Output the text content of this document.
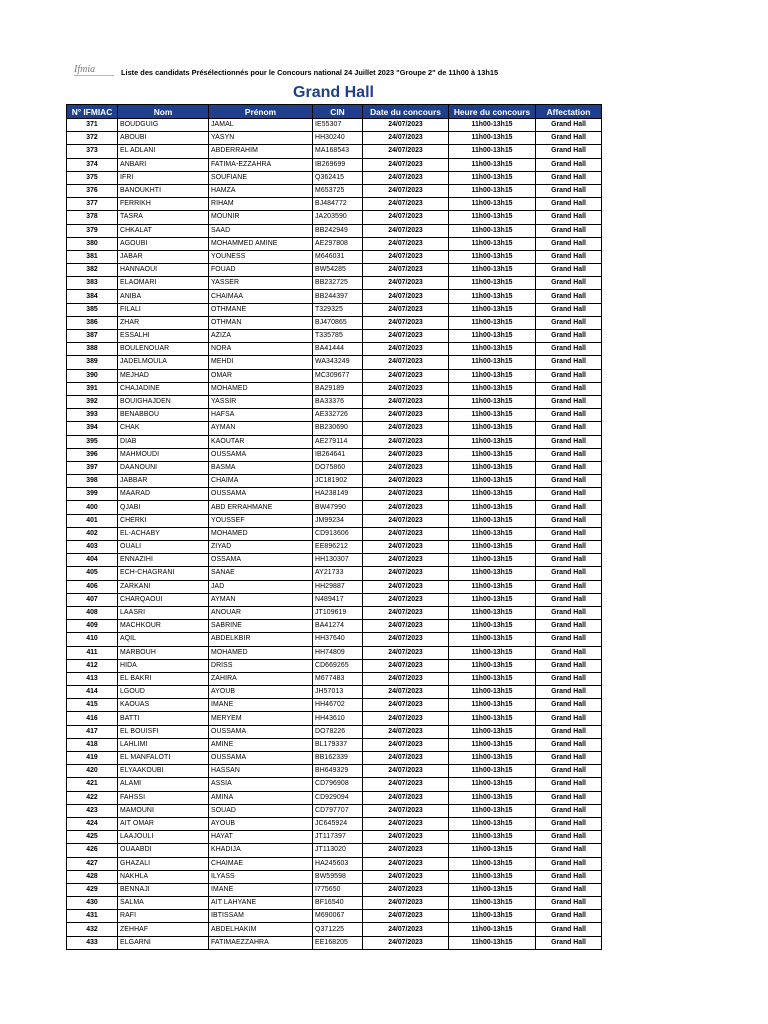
Ifmia	Liste des candidats Présélectionnés pour le Concours national 24 Juillet 2023 "Groupe 2" de 11h00 à 13h15
Grand Hall
N° IFMIAC	Nom	Prénom	CIN	Date du concours	Heure du concours	Affectation
371	BOUDGUIG	JAMAL	IE55307	24/07/2023	11h00-13h15	Grand Hall
372	ABOUBI	YASYN	HH30240	24/07/2023	11h00-13h15	Grand Hall
373	EL ADLANI	ABDERRAHIM	MA168543	24/07/2023	11h00-13h15	Grand Hall
374	ANBARI	FATIMA-EZZAHRA	IB269699	24/07/2023	11h00-13h15	Grand Hall
375	IFRI	SOUFIANE	Q362415	24/07/2023	11h00-13h15	Grand Hall
376	BANOUKHTI	HAMZA	M653725	24/07/2023	11h00-13h15	Grand Hall
377	FERRIKH	RIHAM	BJ484772	24/07/2023	11h00-13h15	Grand Hall
378	TASRA	MOUNIR	JA203590	24/07/2023	11h00-13h15	Grand Hall
379	CHKALAT	SAAD	BB242949	24/07/2023	11h00-13h15	Grand Hall
380	AGOUBI	MOHAMMED AMINE	AE297808	24/07/2023	11h00-13h15	Grand Hall
381	JABAR	YOUNESS	M646031	24/07/2023	11h00-13h15	Grand Hall
382	HANNAOUI	FOUAD	BW54285	24/07/2023	11h00-13h15	Grand Hall
383	ELAOMARI	YASSER	BB232725	24/07/2023	11h00-13h15	Grand Hall
384	ANIBA	CHAIMAA	BB244397	24/07/2023	11h00-13h15	Grand Hall
385	FILALI	OTHMANE	T329325	24/07/2023	11h00-13h15	Grand Hall
386	ZHAR	OTHMAN	BJ470865	24/07/2023	11h00-13h15	Grand Hall
387	ESSALHI	AZIZA	T335785	24/07/2023	11h00-13h15	Grand Hall
388	BOULENOUAR	NORA	BA41444	24/07/2023	11h00-13h15	Grand Hall
389	JADELMOULA	MEHDI	WA343249	24/07/2023	11h00-13h15	Grand Hall
390	MEJHAD	OMAR	MC309677	24/07/2023	11h00-13h15	Grand Hall
391	CHAJADINE	MOHAMED	BA29189	24/07/2023	11h00-13h15	Grand Hall
392	BOUIGHAJDEN	YASSIR	BA33376	24/07/2023	11h00-13h15	Grand Hall
393	BENABBOU	HAFSA	AE332726	24/07/2023	11h00-13h15	Grand Hall
394	CHAK	AYMAN	BB230690	24/07/2023	11h00-13h15	Grand Hall
395	DIAB	KAOUTAR	AE279114	24/07/2023	11h00-13h15	Grand Hall
396	MAHMOUDI	OUSSAMA	IB264641	24/07/2023	11h00-13h15	Grand Hall
397	DAANOUNI	BASMA	DO75860	24/07/2023	11h00-13h15	Grand Hall
398	JABBAR	CHAIMA	JC181902	24/07/2023	11h00-13h15	Grand Hall
399	MAARAD	OUSSAMA	HA238149	24/07/2023	11h00-13h15	Grand Hall
400	QJABI	ABD ERRAHMANE	BW47990	24/07/2023	11h00-13h15	Grand Hall
401	CHERKI	YOUSSEF	JM99234	24/07/2023	11h00-13h15	Grand Hall
402	EL-ACHABY	MOHAMED	CD913606	24/07/2023	11h00-13h15	Grand Hall
403	OUALI	ZIYAD	EE896212	24/07/2023	11h00-13h15	Grand Hall
404	ENNAZIHI	OSSAMA	HH130307	24/07/2023	11h00-13h15	Grand Hall
405	ECH-CHAGRANI	SANAE	AY21733	24/07/2023	11h00-13h15	Grand Hall
406	ZARKANI	JAD	HH29887	24/07/2023	11h00-13h15	Grand Hall
407	CHARQAOUI	AYMAN	N489417	24/07/2023	11h00-13h15	Grand Hall
408	LAASRI	ANOUAR	JT109619	24/07/2023	11h00-13h15	Grand Hall
409	MACHKOUR	SABRINE	BA41274	24/07/2023	11h00-13h15	Grand Hall
410	AQIL	ABDELKBIR	HH37640	24/07/2023	11h00-13h15	Grand Hall
411	MARBOUH	MOHAMED	HH74809	24/07/2023	11h00-13h15	Grand Hall
412	HIDA	DRISS	CD669265	24/07/2023	11h00-13h15	Grand Hall
413	EL BAKRI	ZAHIRA	M677483	24/07/2023	11h00-13h15	Grand Hall
414	LGOUD	AYOUB	JH57013	24/07/2023	11h00-13h15	Grand Hall
415	KAOUAS	IMANE	HH46702	24/07/2023	11h00-13h15	Grand Hall
416	BATTI	MERYEM	HH43610	24/07/2023	11h00-13h15	Grand Hall
417	EL BOUISFI	OUSSAMA	DO78226	24/07/2023	11h00-13h15	Grand Hall
418	LAHLIMI	AMINE	BL179337	24/07/2023	11h00-13h15	Grand Hall
419	EL MANFALOTI	OUSSAMA	BB162339	24/07/2023	11h00-13h15	Grand Hall
420	ELYAAKOUBI	HASSAN	BH649329	24/07/2023	11h00-13h15	Grand Hall
421	ALAMI	ASSIA	CD796908	24/07/2023	11h00-13h15	Grand Hall
422	FAHSSI	AMINA	CD929094	24/07/2023	11h00-13h15	Grand Hall
423	MAMOUNI	SOUAD	CD797707	24/07/2023	11h00-13h15	Grand Hall
424	AIT OMAR	AYOUB	JC645924	24/07/2023	11h00-13h15	Grand Hall
425	LAAJOULI	HAYAT	JT117397	24/07/2023	11h00-13h15	Grand Hall
426	OUAABDI	KHADIJA	JT113020	24/07/2023	11h00-13h15	Grand Hall
427	GHAZALI	CHAIMAE	HA245603	24/07/2023	11h00-13h15	Grand Hall
428	NAKHLA	ILYASS	BW59598	24/07/2023	11h00-13h15	Grand Hall
429	BENNAJI	IMANE	I775650	24/07/2023	11h00-13h15	Grand Hall
430	SALMA	AIT LAHYANE	BF16540	24/07/2023	11h00-13h15	Grand Hall
431	RAFI	IBTISSAM	M690067	24/07/2023	11h00-13h15	Grand Hall
432	ZEHHAF	ABDELHAKIM	Q371225	24/07/2023	11h00-13h15	Grand Hall
433	ELGARNI	FATIMAEZZAHRA	EE168205	24/07/2023	11h00-13h15	Grand Hall
